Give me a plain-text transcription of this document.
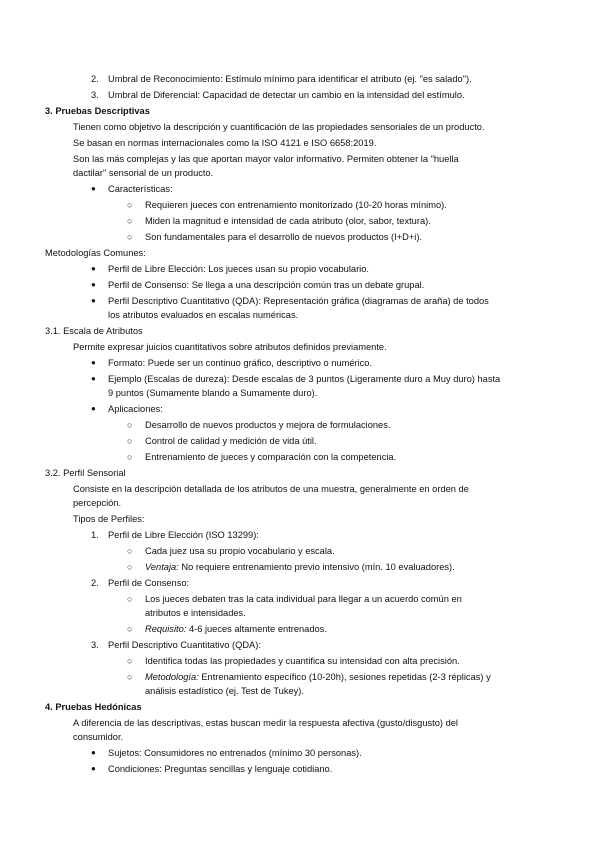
2. Umbral de Reconocimiento: Estímulo mínimo para identificar el atributo (ej. "es salado").
3. Umbral de Diferencial: Capacidad de detectar un cambio en la intensidad del estímulo.
3. Pruebas Descriptivas
Tienen como objetivo la descripción y cuantificación de las propiedades sensoriales de un producto.
Se basan en normas internacionales como la ISO 4121 e ISO 6658:2019.
Son las más complejas y las que aportan mayor valor informativo. Permiten obtener la "huella
dactilar" sensorial de un producto.
● Características:
○ Requieren jueces con entrenamiento monitorizado (10-20 horas mínimo).
○ Miden la magnitud e intensidad de cada atributo (olor, sabor, textura).
○ Son fundamentales para el desarrollo de nuevos productos (I+D+i).
Metodologías Comunes:
● Perfil de Libre Elección: Los jueces usan su propio vocabulario.
● Perfil de Consenso: Se llega a una descripción común tras un debate grupal.
● Perfil Descriptivo Cuantitativo (QDA): Representación gráfica (diagramas de araña) de todos
los atributos evaluados en escalas numéricas.
3.1. Escala de Atributos
Permite expresar juicios cuantitativos sobre atributos definidos previamente.
● Formato: Puede ser un continuo gráfico, descriptivo o numérico.
● Ejemplo (Escalas de dureza): Desde escalas de 3 puntos (Ligeramente duro a Muy duro) hasta
9 puntos (Sumamente blando a Sumamente duro).
● Aplicaciones:
○ Desarrollo de nuevos productos y mejora de formulaciones.
○ Control de calidad y medición de vida útil.
○ Entrenamiento de jueces y comparación con la competencia.
3.2. Perfil Sensorial
Consiste en la descripción detallada de los atributos de una muestra, generalmente en orden de
percepción.
Tipos de Perfiles:
1. Perfil de Libre Elección (ISO 13299):
○ Cada juez usa su propio vocabulario y escala.
○ Ventaja: No requiere entrenamiento previo intensivo (mín. 10 evaluadores).
2. Perfil de Consenso:
○ Los jueces debaten tras la cata individual para llegar a un acuerdo común en
atributos e intensidades.
○ Requisito: 4-6 jueces altamente entrenados.
3. Perfil Descriptivo Cuantitativo (QDA):
○ Identifica todas las propiedades y cuantifica su intensidad con alta precisión.
○ Metodología: Entrenamiento específico (10-20h), sesiones repetidas (2-3 réplicas) y
análisis estadístico (ej. Test de Tukey).
4. Pruebas Hedónicas
A diferencia de las descriptivas, estas buscan medir la respuesta afectiva (gusto/disgusto) del
consumidor.
● Sujetos: Consumidores no entrenados (mínimo 30 personas).
● Condiciones: Preguntas sencillas y lenguaje cotidiano.
